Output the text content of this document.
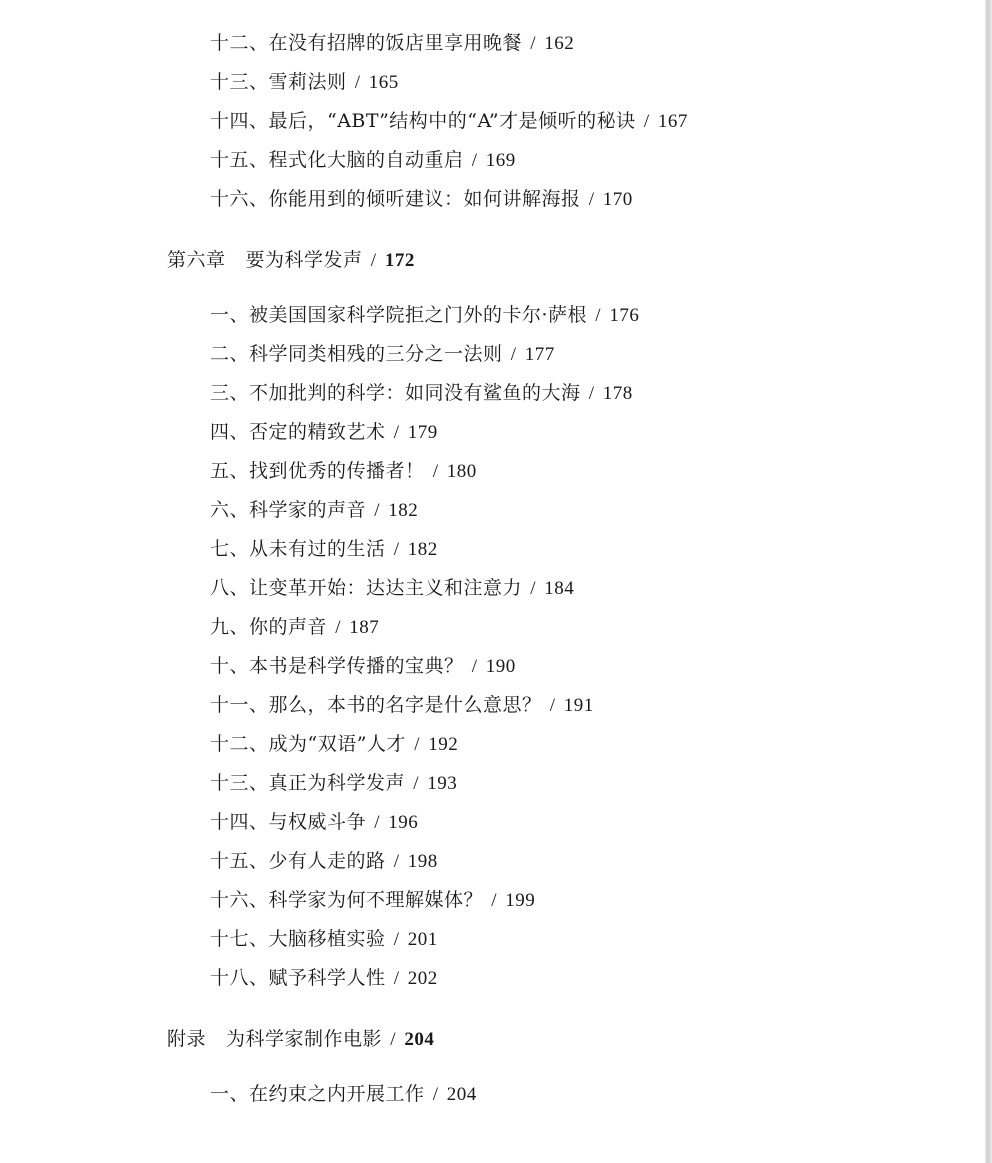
十二、在没有招牌的饭店里享用晚餐 / 162
十三、雪莉法则 / 165
十四、最后，“ABT”结构中的“A”才是倾听的秘诀 / 167
十五、程式化大脑的自动重启 / 169
十六、你能用到的倾听建议：如何讲解海报 / 170
第六章 要为科学发声 / 172
一、被美国国家科学院拒之门外的卡尔·萨根 / 176
二、科学同类相残的三分之一法则 / 177
三、不加批判的科学：如同没有鲨鱼的大海 / 178
四、否定的精致艺术 / 179
五、找到优秀的传播者！ / 180
六、科学家的声音 / 182
七、从未有过的生活 / 182
八、让变革开始：达达主义和注意力 / 184
九、你的声音 / 187
十、本书是科学传播的宝典？ / 190
十一、那么，本书的名字是什么意思？ / 191
十二、成为“双语”人才 / 192
十三、真正为科学发声 / 193
十四、与权威斗争 / 196
十五、少有人走的路 / 198
十六、科学家为何不理解媒体？ / 199
十七、大脑移植实验 / 201
十八、赋予科学人性 / 202
附录 为科学家制作电影 / 204
一、在约束之内开展工作 / 204
